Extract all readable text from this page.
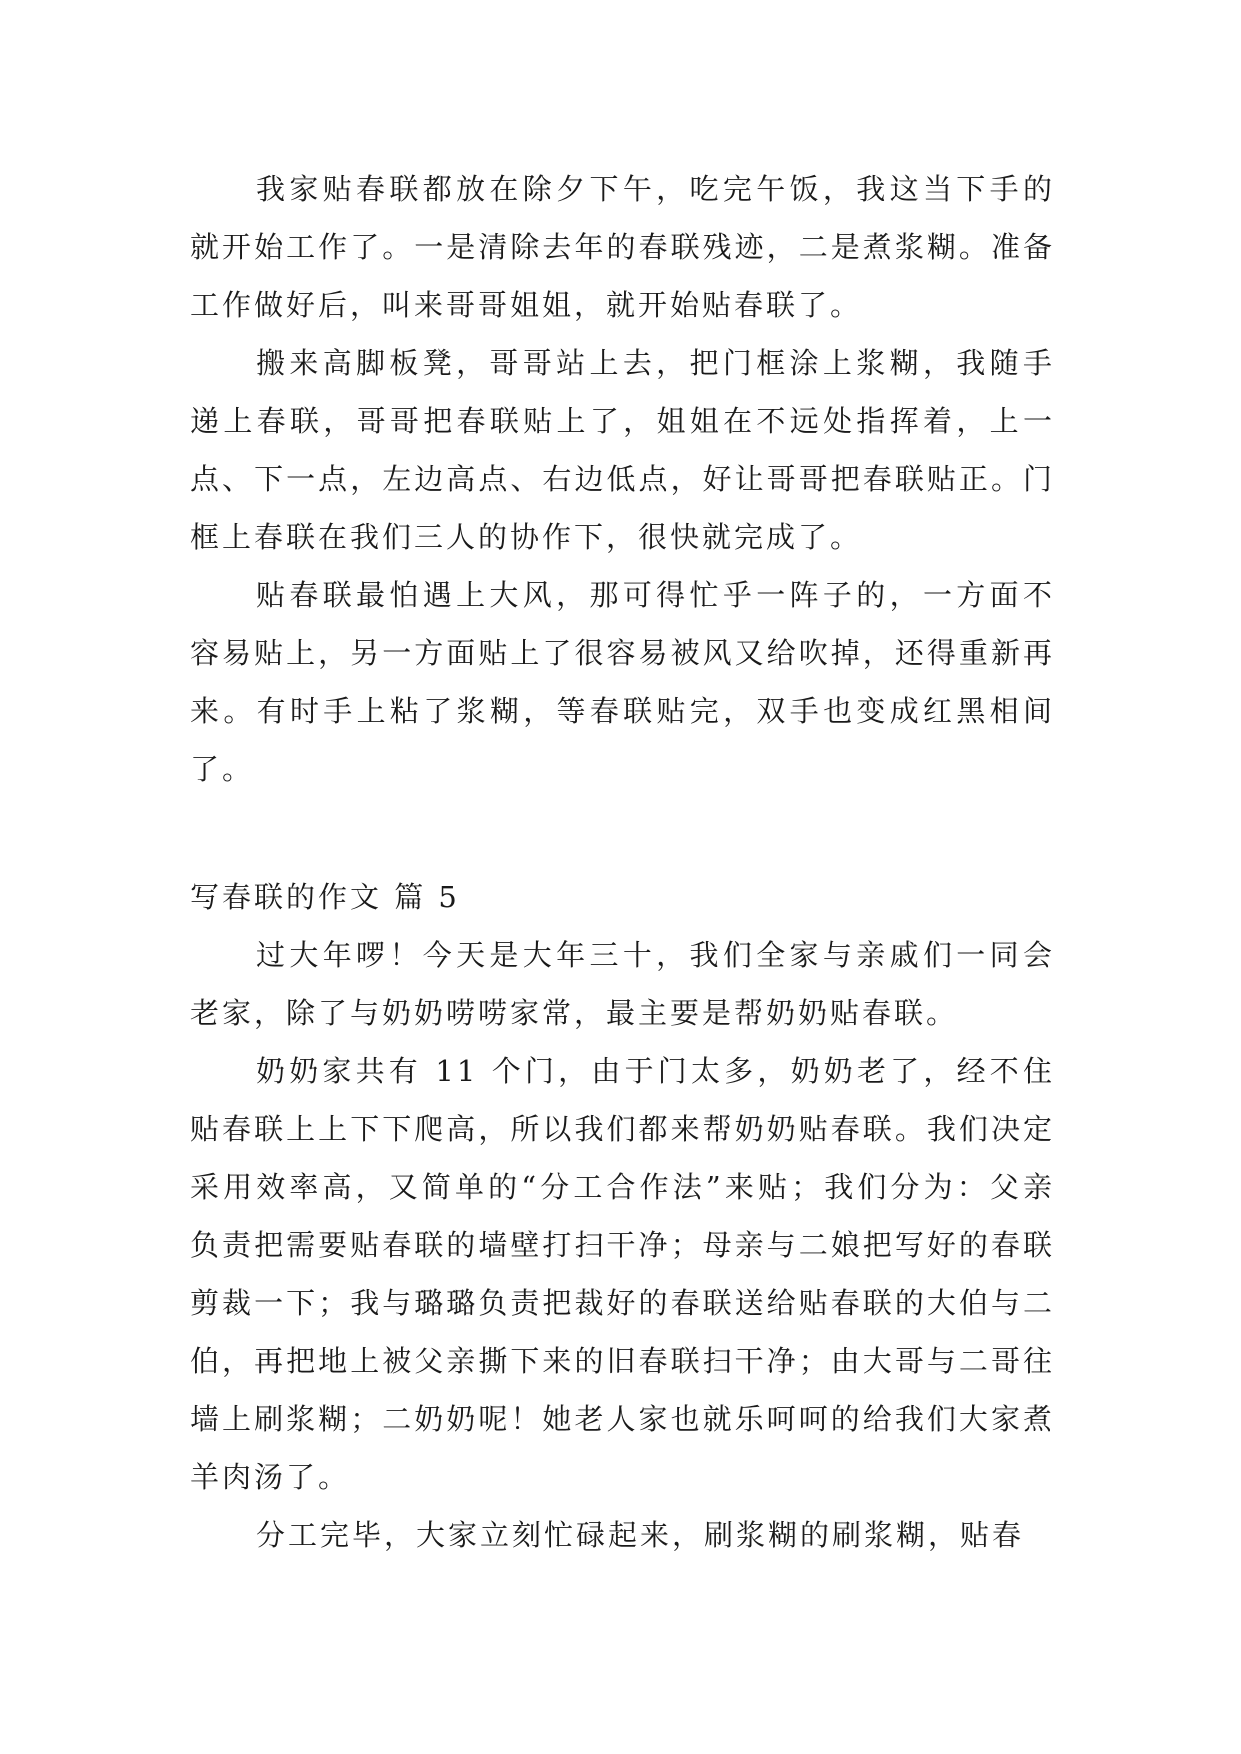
我家贴春联都放在除夕下午，吃完午饭，我这当下手的就开始工作了。一是清除去年的春联残迹，二是煮浆糊。准备工作做好后，叫来哥哥姐姐，就开始贴春联了。

搬来高脚板凳，哥哥站上去，把门框涂上浆糊，我随手递上春联，哥哥把春联贴上了，姐姐在不远处指挥着，上一点、下一点，左边高点、右边低点，好让哥哥把春联贴正。门框上春联在我们三人的协作下，很快就完成了。

贴春联最怕遇上大风，那可得忙乎一阵子的，一方面不容易贴上，另一方面贴上了很容易被风又给吹掉，还得重新再来。有时手上粘了浆糊，等春联贴完，双手也变成红黑相间了。

写春联的作文 篇 5

过大年啰！今天是大年三十，我们全家与亲戚们一同会老家，除了与奶奶唠唠家常，最主要是帮奶奶贴春联。

奶奶家共有 11 个门，由于门太多，奶奶老了，经不住贴春联上上下下爬高，所以我们都来帮奶奶贴春联。我们决定采用效率高，又简单的“分工合作法”来贴；我们分为：父亲负责把需要贴春联的墙壁打扫干净；母亲与二娘把写好的春联剪裁一下；我与璐璐负责把裁好的春联送给贴春联的大伯与二伯，再把地上被父亲撕下来的旧春联扫干净；由大哥与二哥往墙上刷浆糊；二奶奶呢！她老人家也就乐呵呵的给我们大家煮羊肉汤了。

分工完毕，大家立刻忙碌起来，刷浆糊的刷浆糊，贴春
